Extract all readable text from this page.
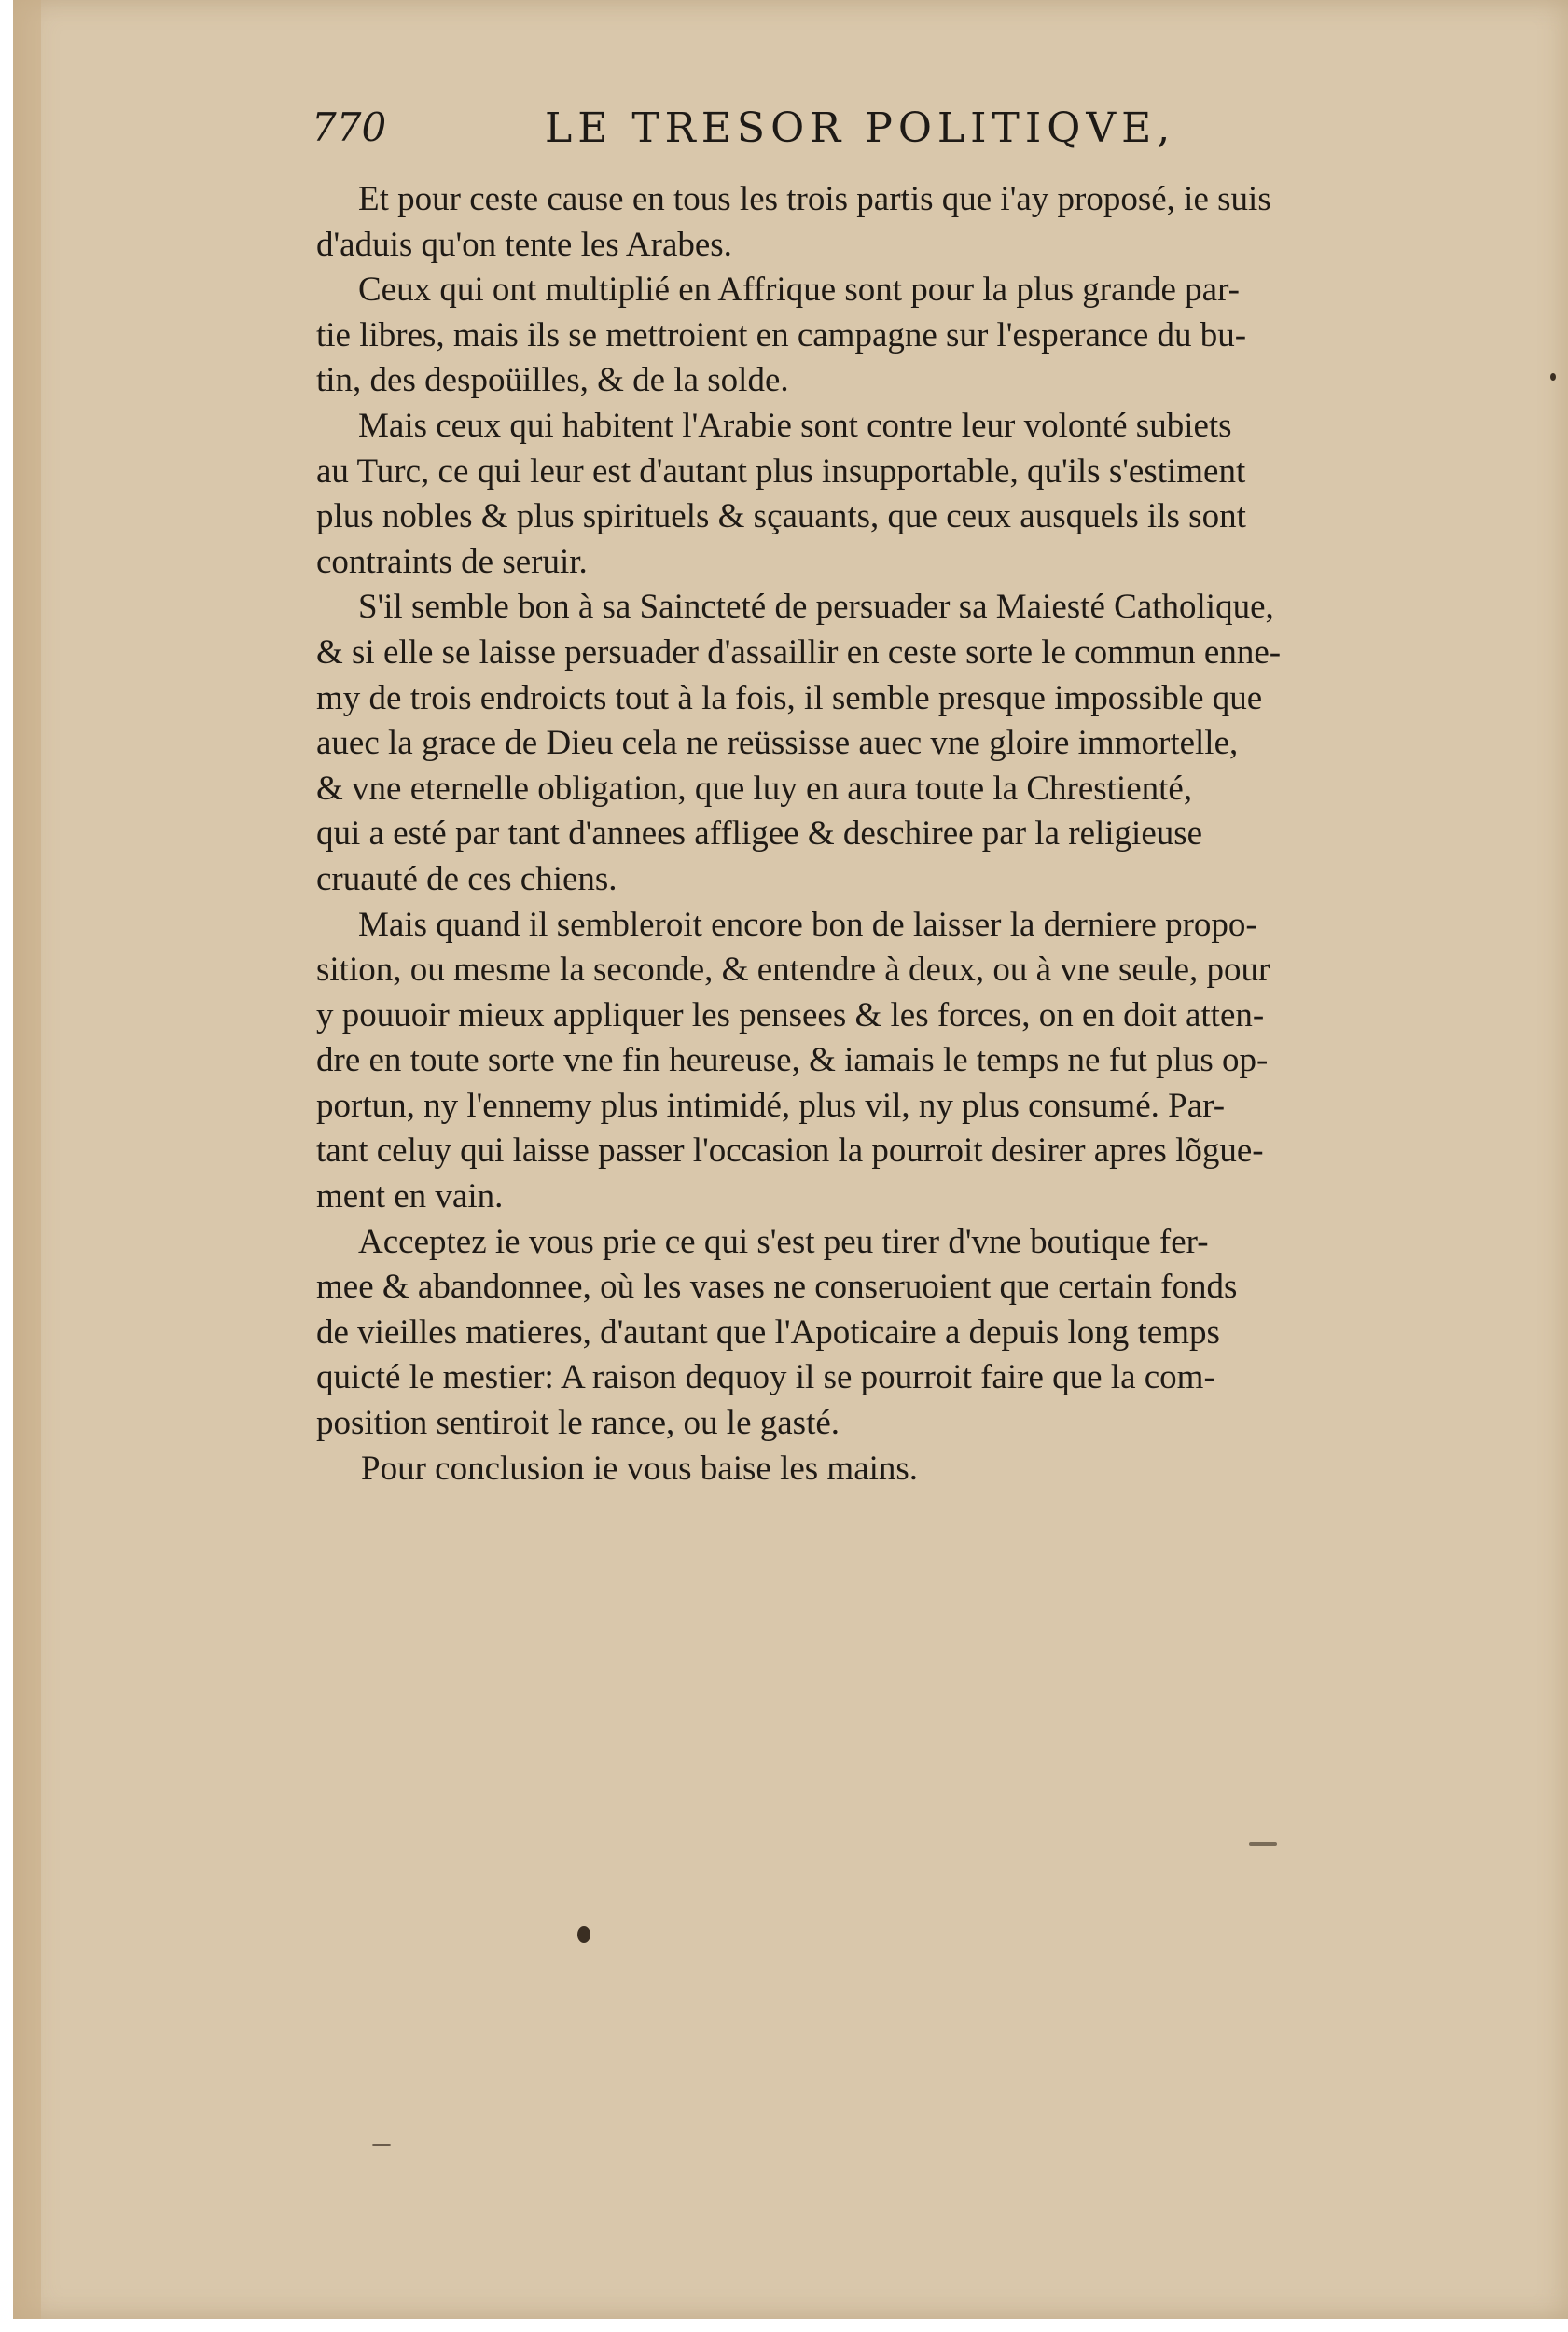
770	LE TRESOR POLITIQVE,
Et pour ceste cause en tous les trois partis que i'ay proposé, ie suis
d'aduis qu'on tente les Arabes.
Ceux qui ont multiplié en Affrique sont pour la plus grande par-
tie libres, mais ils se mettroient en campagne sur l'esperance du bu-
tin, des despoüilles, & de la solde.
Mais ceux qui habitent l'Arabie sont contre leur volonté subiets
au Turc, ce qui leur est d'autant plus insupportable, qu'ils s'estiment
plus nobles & plus spirituels & sçauants, que ceux ausquels ils sont
contraints de seruir.
S'il semble bon à sa Saincteté de persuader sa Maiesté Catholique,
& si elle se laisse persuader d'assaillir en ceste sorte le commun enne-
my de trois endroicts tout à la fois, il semble presque impossible que
auec la grace de Dieu cela ne reüssisse auec vne gloire immortelle,
& vne eternelle obligation, que luy en aura toute la Chrestienté,
qui a esté par tant d'annees affligee & deschiree par la religieuse
cruauté de ces chiens.
Mais quand il sembleroit encore bon de laisser la derniere propo-
sition, ou mesme la seconde, & entendre à deux, ou à vne seule, pour
y pouuoir mieux appliquer les pensees & les forces, on en doit atten-
dre en toute sorte vne fin heureuse, & iamais le temps ne fut plus op-
portun, ny l'ennemy plus intimidé, plus vil, ny plus consumé. Par-
tant celuy qui laisse passer l'occasion la pourroit desirer apres lõgue-
ment en vain.
Acceptez ie vous prie ce qui s'est peu tirer d'vne boutique fer-
mee & abandonnee, où les vases ne conseruoient que certain fonds
de vieilles matieres, d'autant que l'Apoticaire a depuis long temps
quicté le mestier: A raison dequoy il se pourroit faire que la com-
position sentiroit le rance, ou le gasté.
Pour conclusion ie vous baise les mains.
